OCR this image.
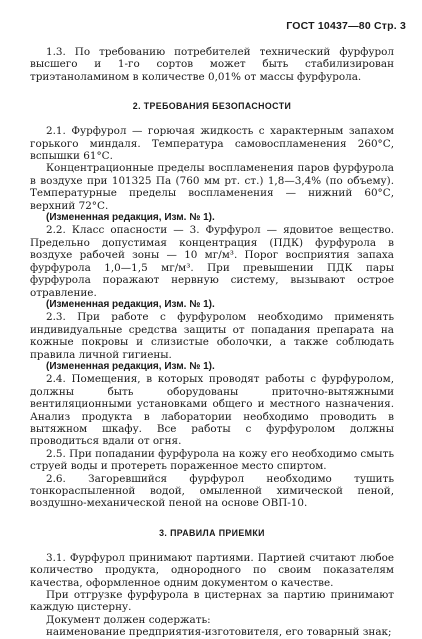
ГОСТ 10437—80 Стр. 3

1.3. По требованию потребителей технический фурфурол высшего и 1-го сортов может быть стабилизирован триэтаноламином в количестве 0,01% от массы фурфурола.

2. ТРЕБОВАНИЯ БЕЗОПАСНОСТИ

2.1. Фурфурол — горючая жидкость с характерным запахом горького миндаля. Температура самовоспламенения 260°С, вспышки 61°С.

Концентрационные пределы воспламенения паров фурфурола в воздухе при 101325 Па (760 мм рт. ст.) 1,8—3,4% (по объему). Температурные пределы воспламенения — нижний 60°С, верхний 72°С.

(Измененная редакция, Изм. № 1).

2.2. Класс опасности — 3. Фурфурол — ядовитое вещество. Предельно допустимая концентрация (ПДК) фурфурола в воздухе рабочей зоны — 10 мг/м³. Порог восприятия запаха фурфурола 1,0—1,5 мг/м³. При превышении ПДК пары фурфурола поражают нервную систему, вызывают острое отравление.

(Измененная редакция, Изм. № 1).

2.3. При работе с фурфуролом необходимо применять индивидуальные средства защиты от попадания препарата на кожные покровы и слизистые оболочки, а также соблюдать правила личной гигиены.

(Измененная редакция, Изм. № 1).

2.4. Помещения, в которых проводят работы с фурфуролом, должны быть оборудованы приточно-вытяжными вентиляционными установками общего и местного назначения. Анализ продукта в лаборатории необходимо проводить в вытяжном шкафу. Все работы с фурфуролом должны проводиться вдали от огня.

2.5. При попадании фурфурола на кожу его необходимо смыть струей воды и протереть пораженное место спиртом.

2.6. Загоревшийся фурфурол необходимо тушить тонкораспыленной водой, омыленной химической пеной, воздушно-механической пеной на основе ОВП-10.

3. ПРАВИЛА ПРИЕМКИ

3.1. Фурфурол принимают партиями. Партией считают любое количество продукта, однородного по своим показателям качества, оформленное одним документом о качестве.

При отгрузке фурфурола в цистернах за партию принимают каждую цистерну.

Документ должен содержать:

наименование предприятия-изготовителя, его товарный знак;
